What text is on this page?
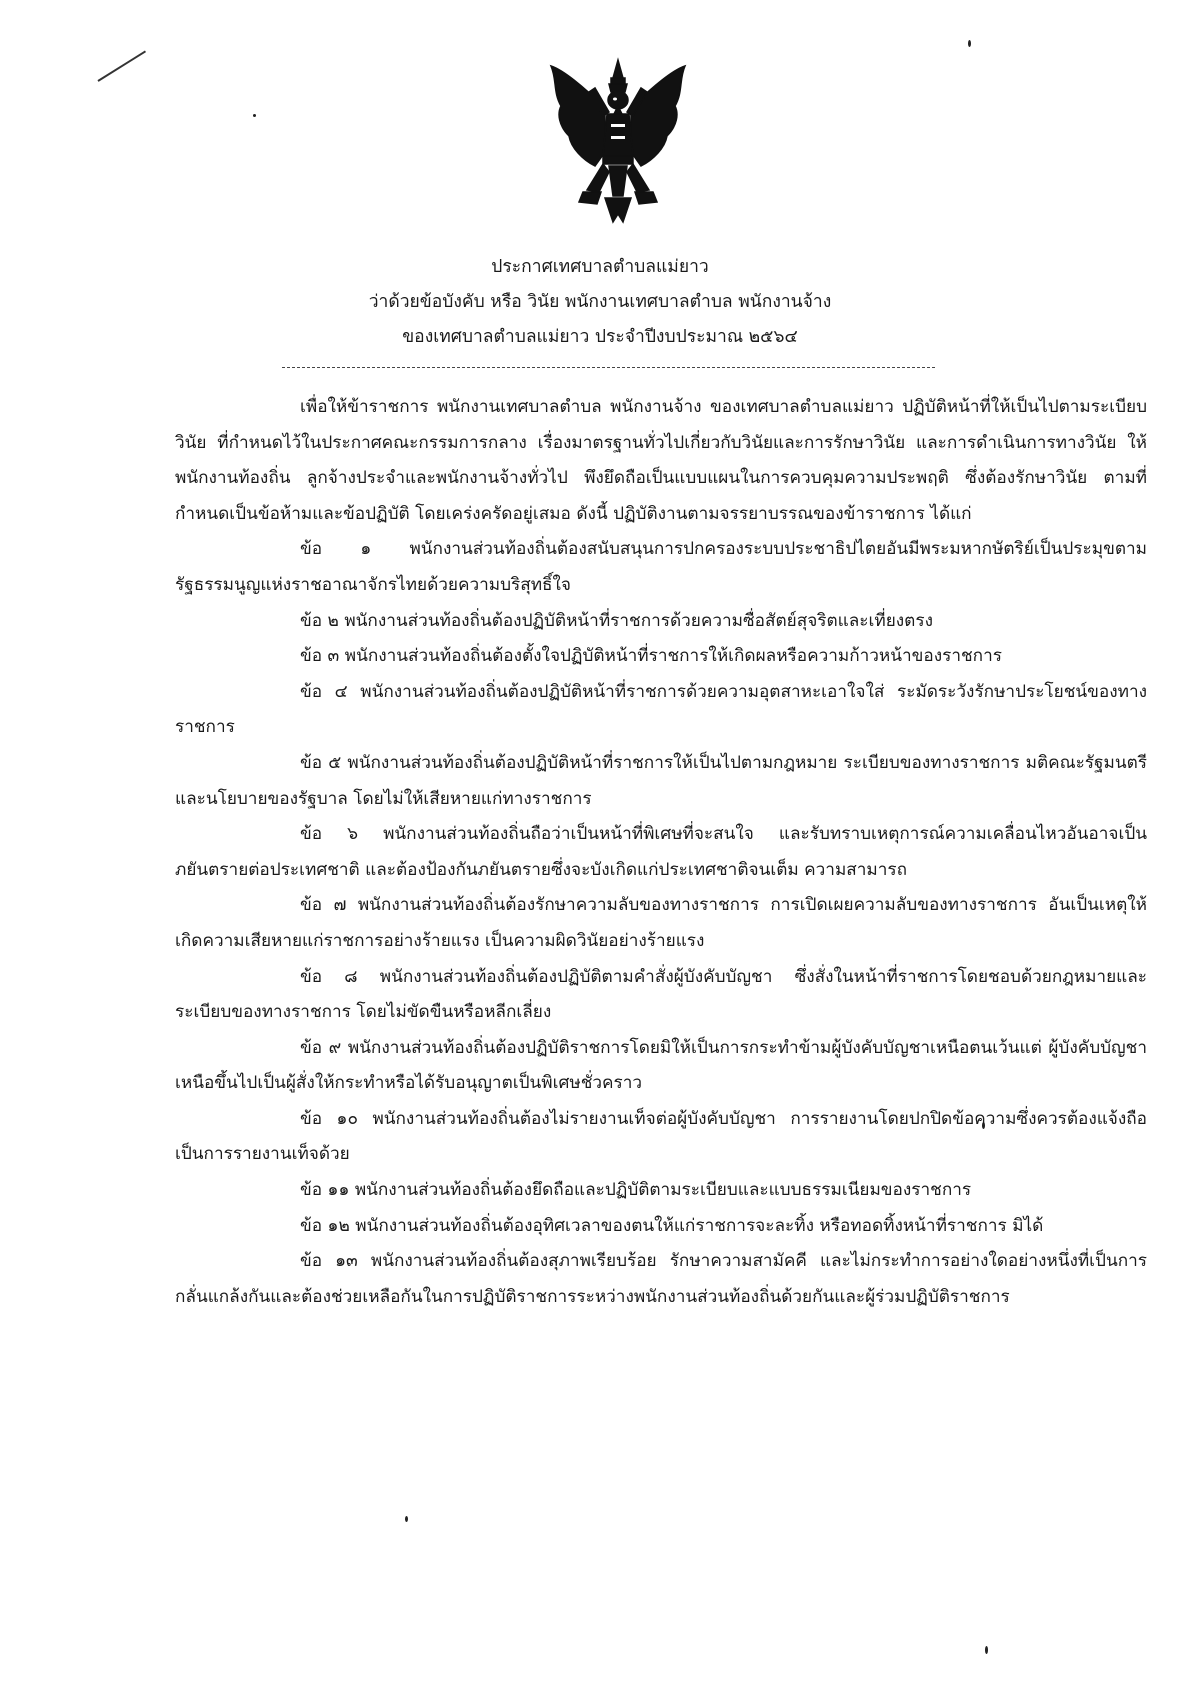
ประกาศเทศบาลตำบลแม่ยาว
ว่าด้วยข้อบังคับ หรือ วินัย พนักงานเทศบาลตำบล พนักงานจ้าง
ของเทศบาลตำบลแม่ยาว ประจำปีงบประมาณ ๒๕๖๔

เพื่อให้ข้าราชการ พนักงานเทศบาลตำบล พนักงานจ้าง ของเทศบาลตำบลแม่ยาว ปฏิบัติหน้าที่ให้เป็นไปตามระเบียบวินัย ที่กำหนดไว้ในประกาศคณะกรรมการกลาง เรื่องมาตรฐานทั่วไปเกี่ยวกับวินัยและการรักษาวินัย และการดำเนินการทางวินัย ให้พนักงานท้องถิ่น ลูกจ้างประจำและพนักงานจ้างทั่วไป พึงยึดถือเป็นแบบแผนในการควบคุมความประพฤติ ซึ่งต้องรักษาวินัย ตามที่กำหนดเป็นข้อห้ามและข้อปฏิบัติ โดยเคร่งครัดอยู่เสมอ ดังนี้ ปฏิบัติงานตามจรรยาบรรณของข้าราชการ ได้แก่

ข้อ ๑ พนักงานส่วนท้องถิ่นต้องสนับสนุนการปกครองระบบประชาธิปไตยอันมีพระมหากษัตริย์เป็นประมุขตามรัฐธรรมนูญแห่งราชอาณาจักรไทยด้วยความบริสุทธิ์ใจ

ข้อ ๒ พนักงานส่วนท้องถิ่นต้องปฏิบัติหน้าที่ราชการด้วยความซื่อสัตย์สุจริตและเที่ยงตรง

ข้อ ๓ พนักงานส่วนท้องถิ่นต้องตั้งใจปฏิบัติหน้าที่ราชการให้เกิดผลหรือความก้าวหน้าของราชการ

ข้อ ๔ พนักงานส่วนท้องถิ่นต้องปฏิบัติหน้าที่ราชการด้วยความอุตสาหะเอาใจใส่ ระมัดระวังรักษาประโยชน์ของทางราชการ

ข้อ ๕ พนักงานส่วนท้องถิ่นต้องปฏิบัติหน้าที่ราชการให้เป็นไปตามกฎหมาย ระเบียบของทางราชการ มติคณะรัฐมนตรี และนโยบายของรัฐบาล โดยไม่ให้เสียหายแก่ทางราชการ

ข้อ ๖ พนักงานส่วนท้องถิ่นถือว่าเป็นหน้าที่พิเศษที่จะสนใจ และรับทราบเหตุการณ์ความเคลื่อนไหวอันอาจเป็นภยันตรายต่อประเทศชาติ และต้องป้องกันภยันตรายซึ่งจะบังเกิดแก่ประเทศชาติจนเต็ม ความสามารถ

ข้อ ๗ พนักงานส่วนท้องถิ่นต้องรักษาความลับของทางราชการ การเปิดเผยความลับของทางราชการ อันเป็นเหตุให้เกิดความเสียหายแก่ราชการอย่างร้ายแรง เป็นความผิดวินัยอย่างร้ายแรง

ข้อ ๘ พนักงานส่วนท้องถิ่นต้องปฏิบัติตามคำสั่งผู้บังคับบัญชา ซึ่งสั่งในหน้าที่ราชการโดยชอบด้วยกฎหมายและระเบียบของทางราชการ โดยไม่ขัดขืนหรือหลีกเลี่ยง

ข้อ ๙ พนักงานส่วนท้องถิ่นต้องปฏิบัติราชการโดยมิให้เป็นการกระทำข้ามผู้บังคับบัญชาเหนือตนเว้นแต่ ผู้บังคับบัญชาเหนือขึ้นไปเป็นผู้สั่งให้กระทำหรือได้รับอนุญาตเป็นพิเศษชั่วคราว

ข้อ ๑๐ พนักงานส่วนท้องถิ่นต้องไม่รายงานเท็จต่อผู้บังคับบัญชา การรายงานโดยปกปิดข้อความซึ่งควรต้องแจ้งถือเป็นการรายงานเท็จด้วย

ข้อ ๑๑ พนักงานส่วนท้องถิ่นต้องยึดถือและปฏิบัติตามระเบียบและแบบธรรมเนียมของราชการ

ข้อ ๑๒ พนักงานส่วนท้องถิ่นต้องอุทิศเวลาของตนให้แก่ราชการจะละทิ้ง หรือทอดทิ้งหน้าที่ราชการ มิได้

ข้อ ๑๓ พนักงานส่วนท้องถิ่นต้องสุภาพเรียบร้อย รักษาความสามัคคี และไม่กระทำการอย่างใดอย่างหนึ่งที่เป็นการกลั่นแกล้งกันและต้องช่วยเหลือกันในการปฏิบัติราชการระหว่างพนักงานส่วนท้องถิ่นด้วยกันและผู้ร่วมปฏิบัติราชการ
